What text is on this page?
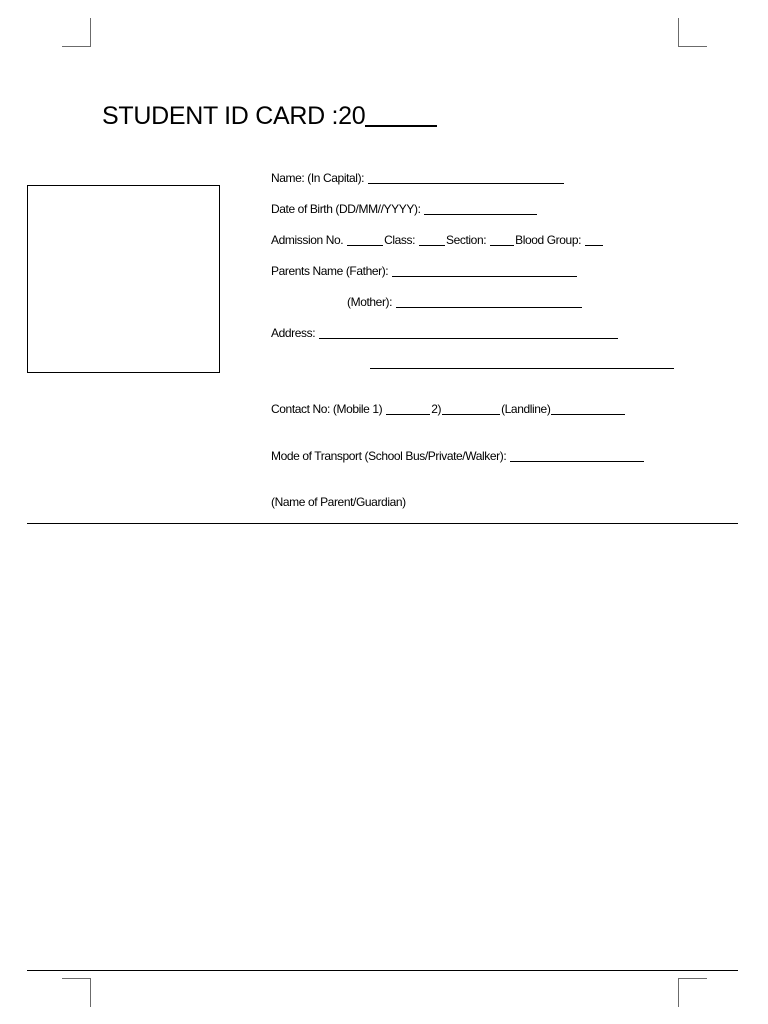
STUDENT ID CARD :20
Name: (In Capital):
Date of Birth (DD/MM//YYYY):
Admission No.	Class:	Section: Blood Group:
Parents Name (Father):
(Mother):
Address:
Contact No: (Mobile 1)	2)	(Landline)
Mode of Transport (School Bus/Private/Walker):
(Name of Parent/Guardian)
